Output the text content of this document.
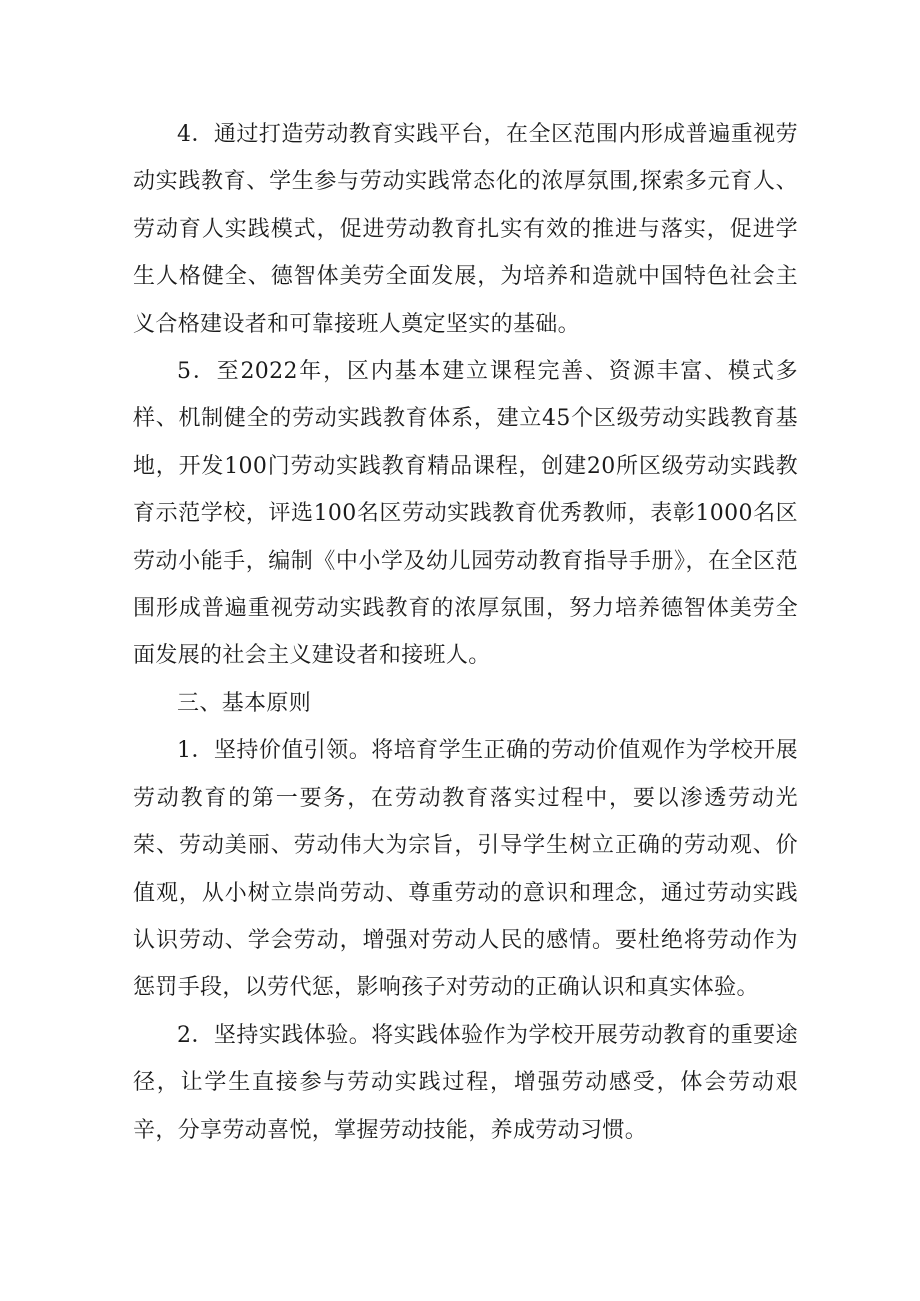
4．通过打造劳动教育实践平台，在全区范围内形成普遍重视劳动实践教育、学生参与劳动实践常态化的浓厚氛围,探索多元育人、劳动育人实践模式，促进劳动教育扎实有效的推进与落实，促进学生人格健全、德智体美劳全面发展，为培养和造就中国特色社会主义合格建设者和可靠接班人奠定坚实的基础。

5．至2022年，区内基本建立课程完善、资源丰富、模式多样、机制健全的劳动实践教育体系，建立45个区级劳动实践教育基地，开发100门劳动实践教育精品课程，创建20所区级劳动实践教育示范学校，评选100名区劳动实践教育优秀教师，表彰1000名区劳动小能手，编制《中小学及幼儿园劳动教育指导手册》，在全区范围形成普遍重视劳动实践教育的浓厚氛围，努力培养德智体美劳全面发展的社会主义建设者和接班人。

三、基本原则

1．坚持价值引领。将培育学生正确的劳动价值观作为学校开展劳动教育的第一要务，在劳动教育落实过程中，要以渗透劳动光荣、劳动美丽、劳动伟大为宗旨，引导学生树立正确的劳动观、价值观，从小树立崇尚劳动、尊重劳动的意识和理念，通过劳动实践认识劳动、学会劳动，增强对劳动人民的感情。要杜绝将劳动作为惩罚手段，以劳代惩，影响孩子对劳动的正确认识和真实体验。

2．坚持实践体验。将实践体验作为学校开展劳动教育的重要途径，让学生直接参与劳动实践过程，增强劳动感受，体会劳动艰辛，分享劳动喜悦，掌握劳动技能，养成劳动习惯。
